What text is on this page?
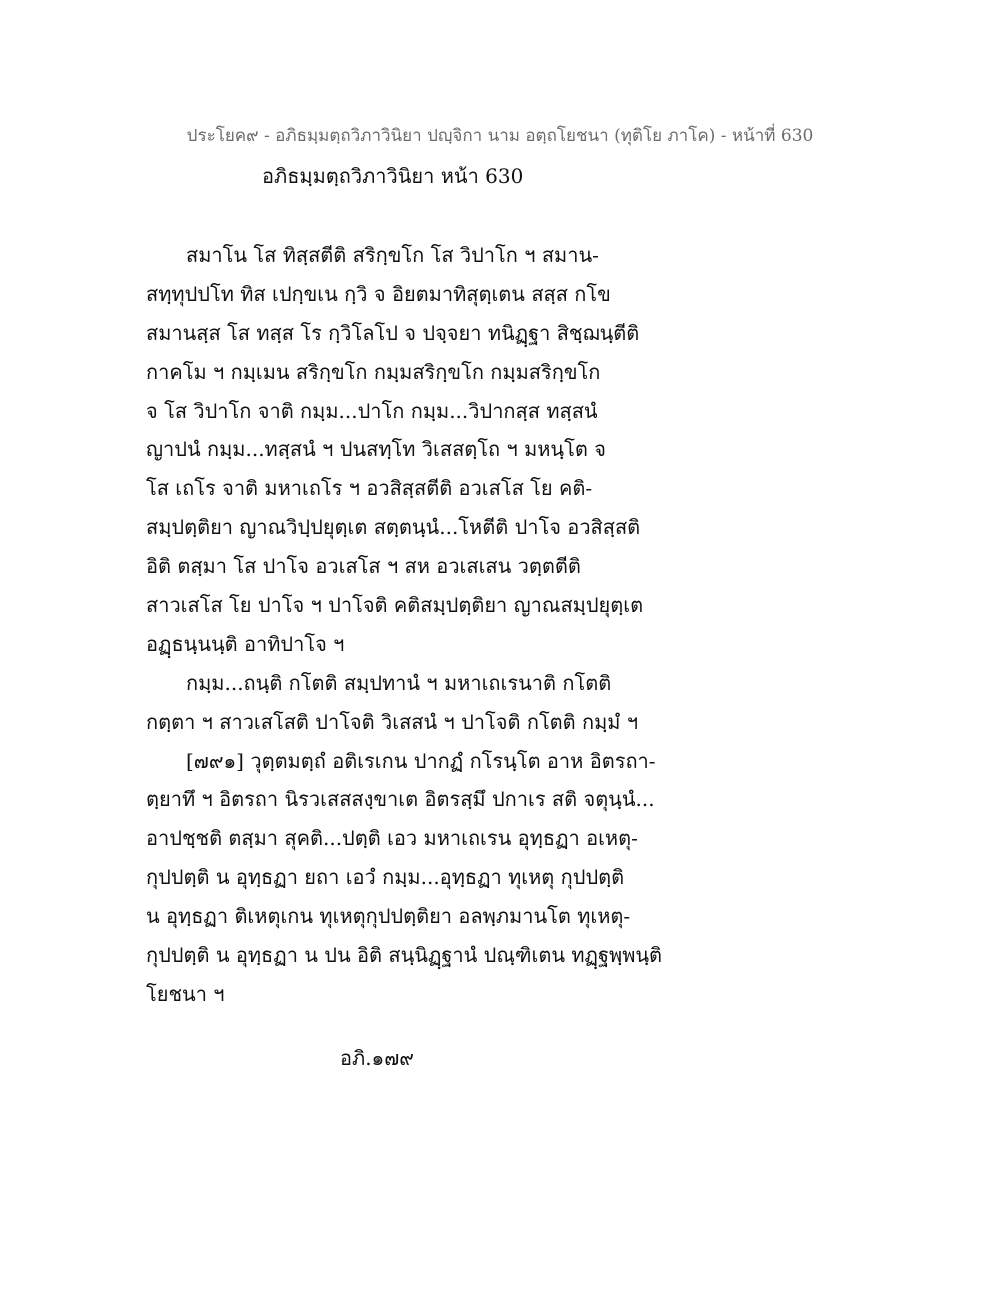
ประโยค๙ - อภิธมฺมตฺถวิภาวินิยา ปญฺจิกา นาม อตฺถโยชนา (ทุติโย ภาโค) - หน้าที่ 630
อภิธมฺมตฺถวิภาวินิยา หน้า 630
สมาโน โส ทิสฺสตีติ สริกฺขโก โส วิปาโก ฯ สมาน-
สทฺทุปปโท ทิส เปกฺขเน กฺวิ จ อิยตมาทิสุตฺเตน สสฺส กโข
สมานสฺส โส ทสฺส โร กฺวิโลโป จ ปจฺจยา ทนิฏฺฐา สิชฺฌนฺตีติ
กาคโม ฯ กมฺเมน สริกฺขโก กมฺมสริกฺขโก กมฺมสริกฺขโก
จ โส วิปาโก จาติ กมฺม...ปาโก กมฺม...วิปากสฺส ทสฺสนํ
ญาปนํ กมฺม...ทสฺสนํ ฯ ปนสทฺโท วิเสสตฺโถ ฯ มหนฺโต จ
โส เถโร จาติ มหาเถโร ฯ อวสิสฺสตีติ อวเสโส โย คติ-
สมฺปตฺติยา ญาณวิปฺปยุตฺเต สตฺตนฺนํ...โหตีติ ปาโจ อวสิสฺสติ
อิติ ตสฺมา โส ปาโจ อวเสโส ฯ สห อวเสเสน วตฺตตีติ
สาวเสโส โย ปาโจ ฯ ปาโจติ คติสมฺปตฺติยา ญาณสมฺปยุตฺเต
อฏฺธนฺนนฺติ อาทิปาโจ ฯ
กมฺม...ถนฺติ กโตติ สมฺปทานํ ฯ มหาเถเรนาติ กโตติ
กตฺตา ฯ สาวเสโสติ ปาโจติ วิเสสนํ ฯ ปาโจติ กโตติ กมฺมํ ฯ
[๗๙๑] วุตฺตมตฺถํ อติเรเกน ปากฏํ กโรนฺโต อาห อิตรถา-
ตฺยาทึ ฯ อิตรถา นิรวเสสสงฺขาเต อิตรสฺมึ ปกาเร สติ จตุนฺนํ...
อาปชฺชติ ตสฺมา สุคติ...ปตฺติ เอว มหาเถเรน อุทฺธฏา อเหตุ-
กุปปตฺติ น อุทฺธฏา ยถา เอวํ กมฺม...อุทฺธฏา ทุเหตุ กุปปตฺติ
น อุทฺธฏา ติเหตุเกน ทุเหตุกุปปตฺติยา อลพฺภมานโต ทุเหตุ-
กุปปตฺติ น อุทฺธฏา น ปน อิติ สนฺนิฏฺฐานํ ปณฺฑิเตน ทฏฺฐพฺพนฺติ
โยชนา ฯ
อภิ.๑๗๙
